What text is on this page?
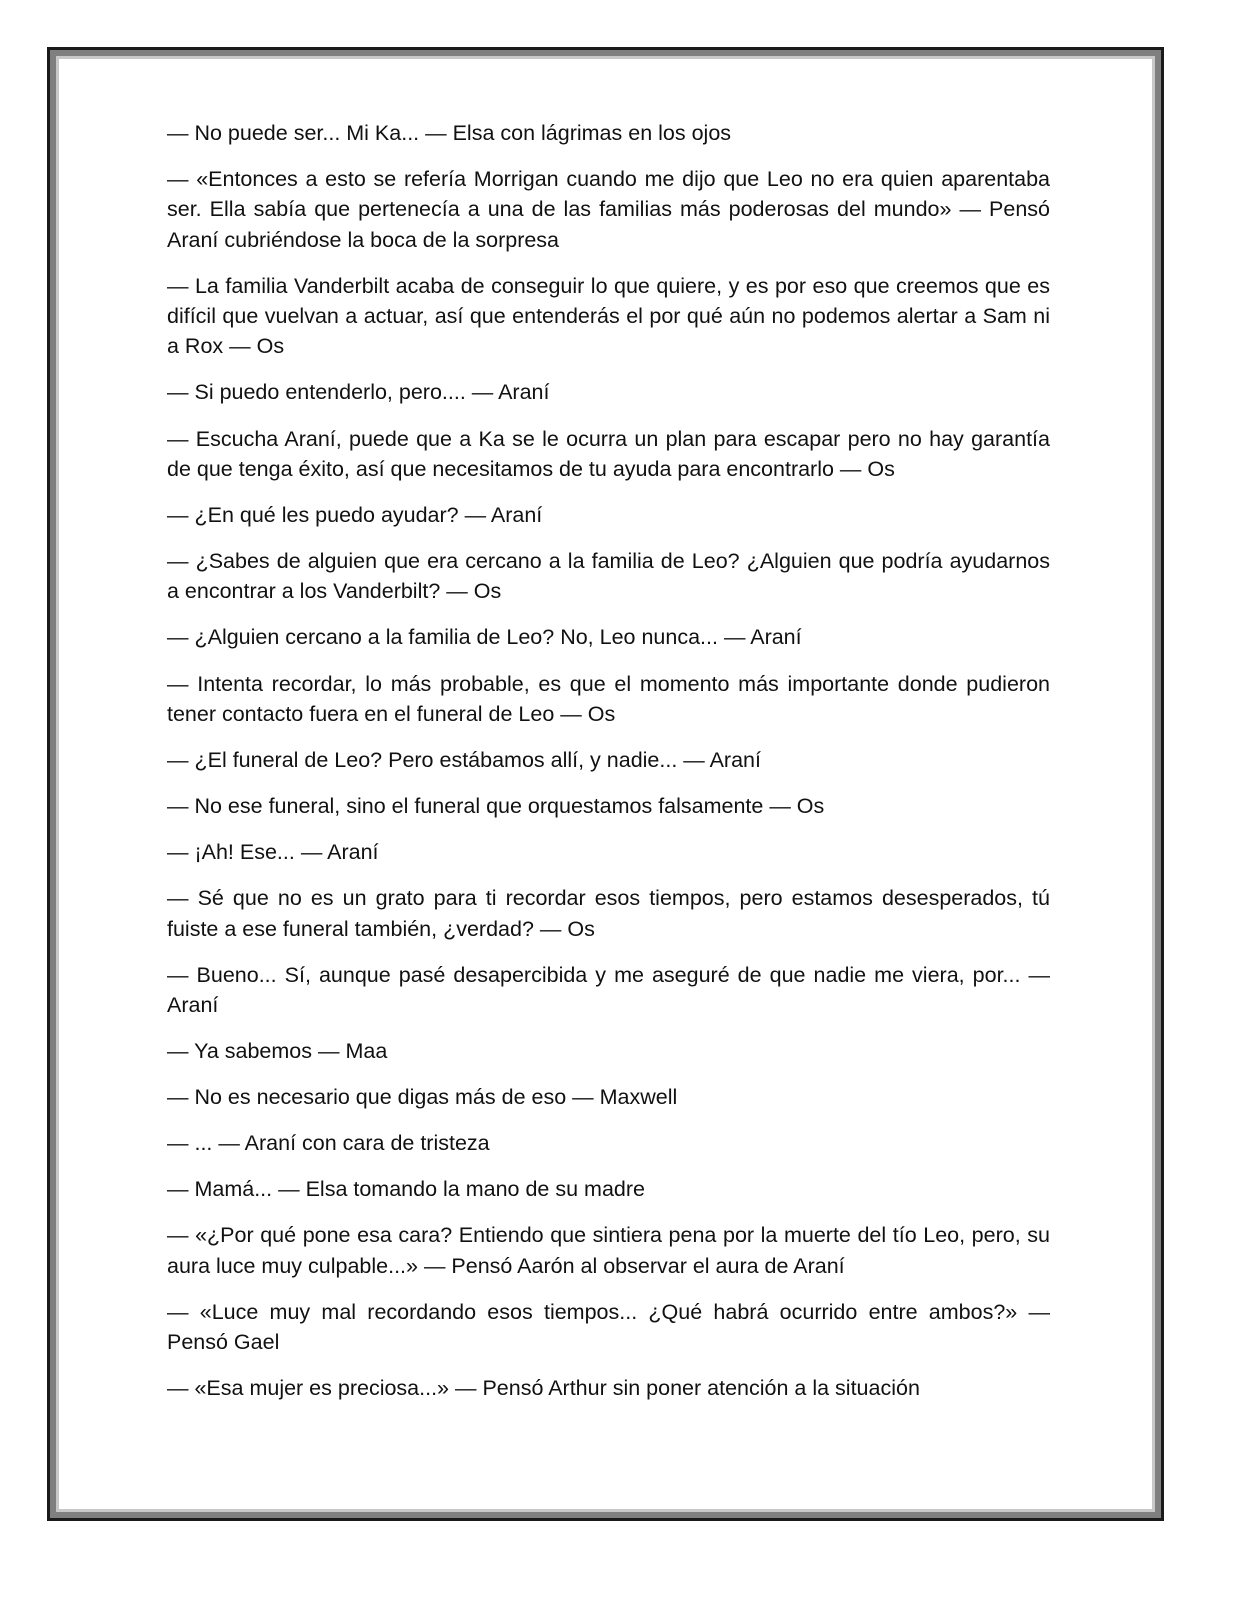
— No puede ser... Mi Ka... — Elsa con lágrimas en los ojos

— «Entonces a esto se refería Morrigan cuando me dijo que Leo no era quien aparentaba ser. Ella sabía que pertenecía a una de las familias más poderosas del mundo» — Pensó Araní cubriéndose la boca de la sorpresa

— La familia Vanderbilt acaba de conseguir lo que quiere, y es por eso que creemos que es difícil que vuelvan a actuar, así que entenderás el por qué aún no podemos alertar a Sam ni a Rox — Os

— Si puedo entenderlo, pero.... — Araní

— Escucha Araní, puede que a Ka se le ocurra un plan para escapar pero no hay garantía de que tenga éxito, así que necesitamos de tu ayuda para encontrarlo — Os

— ¿En qué les puedo ayudar? — Araní

— ¿Sabes de alguien que era cercano a la familia de Leo? ¿Alguien que podría ayudarnos a encontrar a los Vanderbilt? — Os

— ¿Alguien cercano a la familia de Leo? No, Leo nunca... — Araní

— Intenta recordar, lo más probable, es que el momento más importante donde pudieron tener contacto fuera en el funeral de Leo — Os

— ¿El funeral de Leo? Pero estábamos allí, y nadie... — Araní

— No ese funeral, sino el funeral que orquestamos falsamente — Os

— ¡Ah! Ese... — Araní

— Sé que no es un grato para ti recordar esos tiempos, pero estamos desesperados, tú fuiste a ese funeral también, ¿verdad? — Os

— Bueno... Sí, aunque pasé desapercibida y me aseguré de que nadie me viera, por... — Araní

— Ya sabemos — Maa

— No es necesario que digas más de eso — Maxwell

— ... — Araní con cara de tristeza

— Mamá... — Elsa tomando la mano de su madre

— «¿Por qué pone esa cara? Entiendo que sintiera pena por la muerte del tío Leo, pero, su aura luce muy culpable...» — Pensó Aarón al observar el aura de Araní

— «Luce muy mal recordando esos tiempos... ¿Qué habrá ocurrido entre ambos?» — Pensó Gael

— «Esa mujer es preciosa...» — Pensó Arthur sin poner atención a la situación
